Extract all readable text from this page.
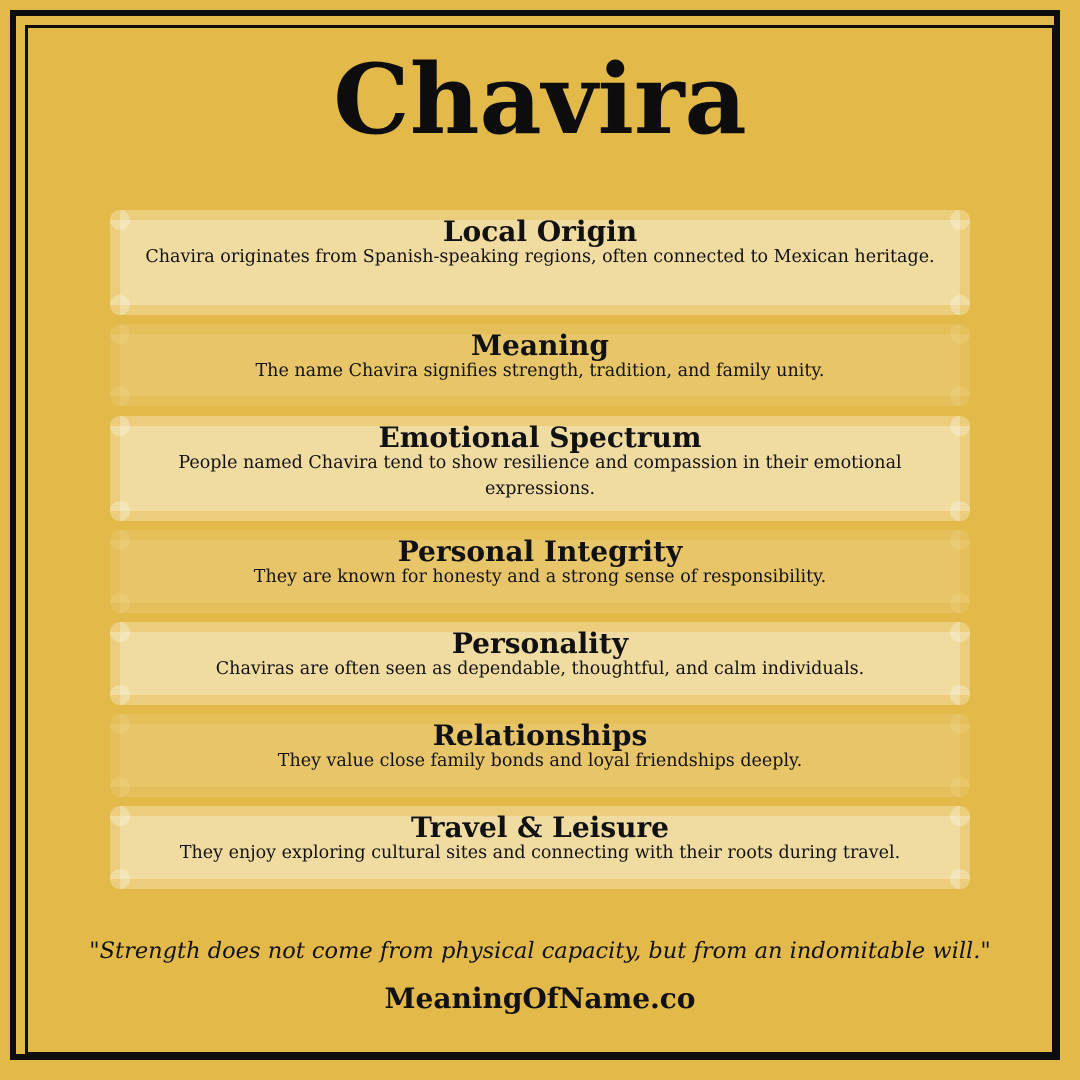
Chavira
Local Origin
Chavira originates from Spanish-speaking regions, often connected to Mexican heritage.
Meaning
The name Chavira signifies strength, tradition, and family unity.
Emotional Spectrum
People named Chavira tend to show resilience and compassion in their emotional expressions.
Personal Integrity
They are known for honesty and a strong sense of responsibility.
Personality
Chaviras are often seen as dependable, thoughtful, and calm individuals.
Relationships
They value close family bonds and loyal friendships deeply.
Travel & Leisure
They enjoy exploring cultural sites and connecting with their roots during travel.
"Strength does not come from physical capacity, but from an indomitable will."
MeaningOfName.co
